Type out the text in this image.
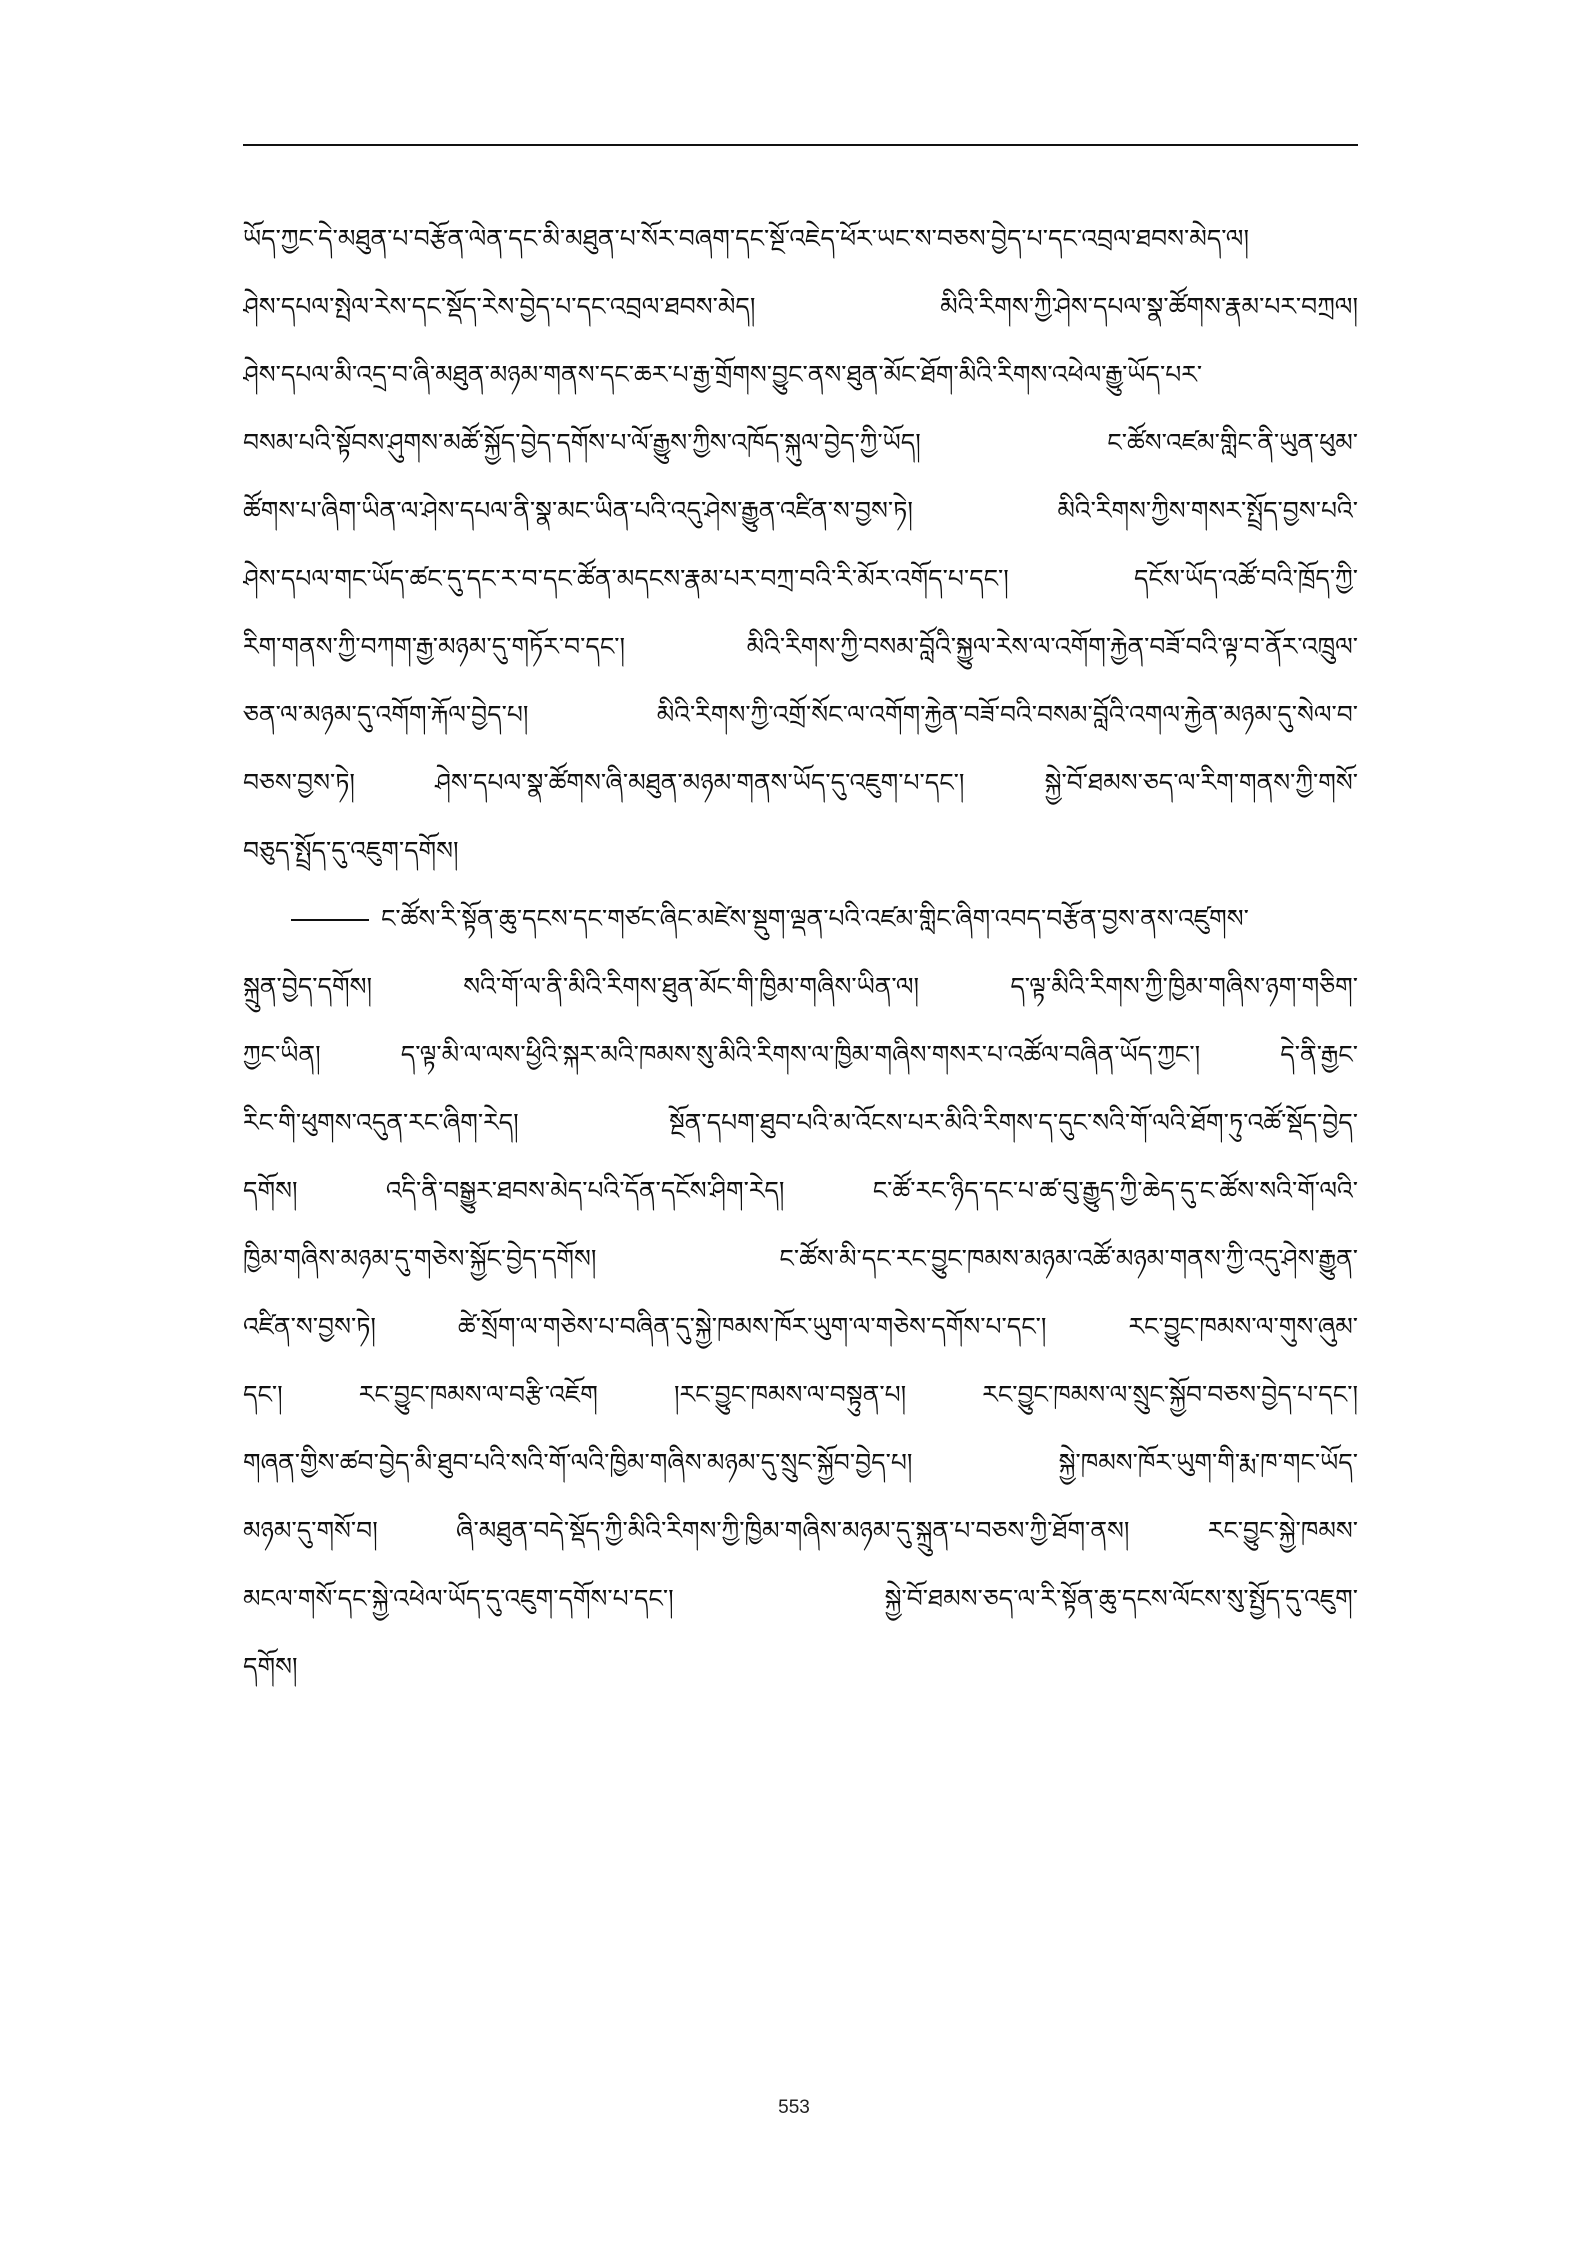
ཡོད་ཀྱང་དེ་མཐུན་པ་བརྩོན་ལེན་དང་མི་མཐུན་པ་སོར་བཞག་དང་སྔོ་འཇེད་ཕོར་ཡང་ས་བཅས་བྱེད་པ་དང་འབྲལ་ཐབས་མེད་ལ།
ཤེས་དཔལ་སྤེལ་རེས་དང་སྡོད་རེས་བྱེད་པ་དང་འབྲལ་ཐབས་མེད། མིའི་རིགས་ཀྱི་ཤེས་དཔལ་སྣ་ཚོགས་རྣམ་པར་བཀྲལ།
ཤེས་དཔལ་མི་འདྲ་བ་ཞི་མཐུན་མཉམ་གནས་དང་ཆར་པ་རྒྱ་གྲོགས་བྱུང་ནས་ཐུན་མོང་ཐོག་མིའི་རིགས་འཕེལ་རྒྱུ་ཡོད་པར་
བསམ་པའི་སྟོབས་ཤུགས་མཚོ་སྐྱོད་བྱེད་དགོས་པ་ལོ་རྒྱུས་ཀྱིས་འཁོད་སྐུལ་བྱེད་ཀྱི་ཡོད། ང་ཚོས་འཛམ་གླིང་ནི་ཡུན་ཕུམ་
ཚོགས་པ་ཞིག་ཡིན་ལ་ཤེས་དཔལ་ནི་སྣ་མང་ཡིན་པའི་འདུ་ཤེས་རྒྱུན་འཛིན་ས་བྱས་ཏེ། མིའི་རིགས་ཀྱིས་གསར་སྤྲོད་བྱས་པའི་
ཤེས་དཔལ་གང་ཡོད་ཚང་དུ་དང་ར་བ་དང་ཚོན་མདངས་རྣམ་པར་བཀྲ་བའི་རི་མོར་འགོད་པ་དང་། དངོས་ཡོད་འཚོ་བའི་ཁྲོད་ཀྱི་
རིག་གནས་ཀྱི་བཀག་རྒྱ་མཉམ་དུ་གཏོར་བ་དང་། མིའི་རིགས་ཀྱི་བསམ་བློའི་སྐྱུལ་རེས་ལ་འགོག་རྐྱེན་བཟོ་བའི་ལྟ་བ་ནོར་འཁྲུལ་
ཅན་ལ་མཉམ་དུ་འགོག་རྐོལ་བྱེད་པ། མིའི་རིགས་ཀྱི་འགྲོ་སོང་ལ་འགོག་རྐྱེན་བཟོ་བའི་བསམ་བློའི་འགལ་རྐྱེན་མཉམ་དུ་སེལ་བ་
བཅས་བྱས་ཏེ། ཤེས་དཔལ་སྣ་ཚོགས་ཞི་མཐུན་མཉམ་གནས་ཡོད་དུ་འཇུག་པ་དང་། སྐྱེ་བོ་ཐམས་ཅད་ལ་རིག་གནས་ཀྱི་གསོ་
བཅུད་སྤྲོད་དུ་འཇུག་དགོས།
ང་ཚོས་རི་སྟོན་ཆུ་དངས་དང་གཙང་ཞིང་མཛེས་སྡུག་ལྡན་པའི་འཛམ་གླིང་ཞིག་འབད་བརྩོན་བྱས་ནས་འཛུགས་
སྐྲུན་བྱེད་དགོས། སའི་གོ་ལ་ནི་མིའི་རིགས་ཐུན་མོང་གི་ཁྱིམ་གཞིས་ཡིན་ལ། ད་ལྟ་མིའི་རིགས་ཀྱི་ཁྱིམ་གཞིས་ཉག་གཅིག་
ཀྱང་ཡིན། ད་ལྟ་མི་ལ་ལས་ཕྱིའི་སྐར་མའི་ཁམས་སུ་མིའི་རིགས་ལ་ཁྱིམ་གཞིས་གསར་པ་འཚོལ་བཞིན་ཡོད་ཀྱང་། དེ་ནི་རྒྱང་
རིང་གི་ཕུགས་འདུན་རང་ཞིག་རེད། སྔོན་དཔག་ཐུབ་པའི་མ་འོངས་པར་མིའི་རིགས་ད་དུང་སའི་གོ་ལའི་ཐོག་ཏུ་འཚོ་སྡོད་བྱེད་
དགོས། འདི་ནི་བསྒྱུར་ཐབས་མེད་པའི་དོན་དངོས་ཤིག་རེད། ང་ཚོ་རང་ཉིད་དང་པ་ཚ་བུ་རྒྱུད་ཀྱི་ཆེད་དུ་ང་ཚོས་སའི་གོ་ལའི་
ཁྱིམ་གཞིས་མཉམ་དུ་གཅེས་སྐྱོང་བྱེད་དགོས། ང་ཚོས་མི་དང་རང་བྱུང་ཁམས་མཉམ་འཚོ་མཉམ་གནས་ཀྱི་འདུ་ཤེས་རྒྱུན་
འཛིན་ས་བྱས་ཏེ། ཚེ་སྲོག་ལ་གཅེས་པ་བཞིན་དུ་སྐྱེ་ཁམས་ཁོར་ཡུག་ལ་གཅེས་དགོས་པ་དང་། རང་བྱུང་ཁམས་ལ་གུས་ཞུམ་
དང་། རང་བྱུང་ཁམས་ལ་བརྩི་འཇོག །རང་བྱུང་ཁམས་ལ་བསྟུན་པ། རང་བྱུང་ཁམས་ལ་སྲུང་སྐྱོབ་བཅས་བྱེད་པ་དང་།
གཞན་གྱིས་ཚབ་བྱེད་མི་ཐུབ་པའི་སའི་གོ་ལའི་ཁྱིམ་གཞིས་མཉམ་དུ་སྲུང་སྐྱོབ་བྱེད་པ། སྐྱེ་ཁམས་ཁོར་ཡུག་གི་རྨ་ཁ་གང་ཡོད་
མཉམ་དུ་གསོ་བ། ཞི་མཐུན་བདེ་སྡོད་ཀྱི་མིའི་རིགས་ཀྱི་ཁྱིམ་གཞིས་མཉམ་དུ་སྐྲུན་པ་བཅས་ཀྱི་ཐོག་ནས། རང་བྱུང་སྐྱེ་ཁམས་
མངལ་གསོ་དང་སྐྱེ་འཕེལ་ཡོད་དུ་འཇུག་དགོས་པ་དང་། སྐྱེ་བོ་ཐམས་ཅད་ལ་རི་སྟོན་ཆུ་དངས་ལོངས་སུ་སྤྱོད་དུ་འཇུག་
དགོས།
553
